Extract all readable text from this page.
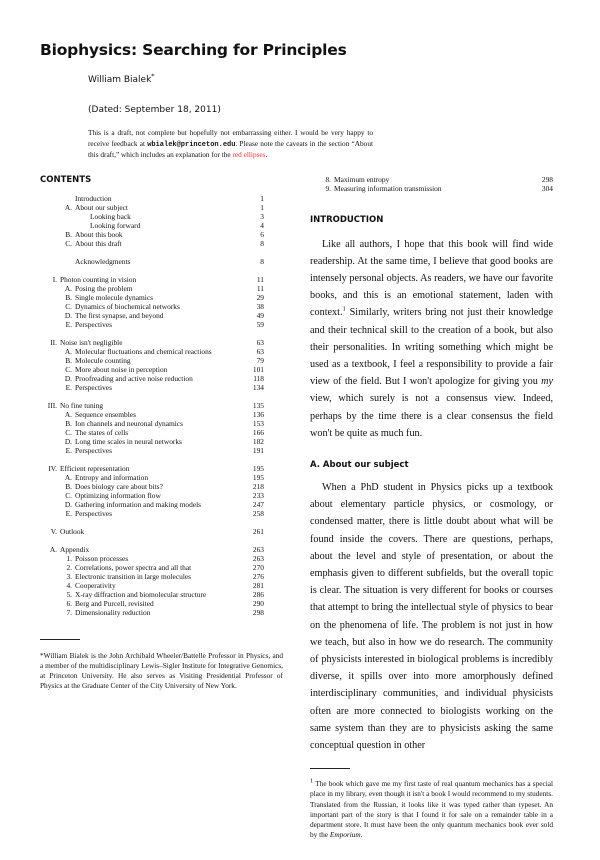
Biophysics: Searching for Principles
William Bialek*
(Dated: September 18, 2011)
This is a draft, not complete but hopefully not embarrassing either. I would be very happy to receive feedback at wbialek@princeton.edu. Please note the caveats in the section “About this draft,” which includes an explanation for the red ellipses.
CONTENTS
Introduction	1
A. About our subject	1
Looking back	3
Looking forward	4
B. About this book	6
C. About this draft	8
Acknowledgments	8
I. Photon counting in vision	11
A. Posing the problem	11
B. Single molecule dynamics	29
C. Dynamics of biochemical networks	38
D. The first synapse, and beyond	49
E. Perspectives	59
II. Noise isn't negligible	63
A. Molecular fluctuations and chemical reactions	63
B. Molecule counting	79
C. More about noise in perception	101
D. Proofreading and active noise reduction	118
E. Perspectives	134
III. No fine tuning	135
A. Sequence ensembles	136
B. Ion channels and neuronal dynamics	153
C. The states of cells	166
D. Long time scales in neural networks	182
E. Perspectives	191
IV. Efficient representation	195
A. Entropy and information	195
B. Does biology care about bits?	218
C. Optimizing information flow	233
D. Gathering information and making models	247
E. Perspectives	258
V. Outlook	261
A. Appendix	263
1. Poisson processes	263
2. Correlations, power spectra and all that	270
3. Electronic transition in large molecules	276
4. Cooperativity	281
5. X-ray diffraction and biomolecular structure	286
6. Berg and Purcell, revisited	290
7. Dimensionality reduction	298
*William Bialek is the John Archibald Wheeler/Battelle Professor in Physics, and a member of the multidisciplinary Lewis–Sigler Institute for Integrative Genomics, at Princeton University. He also serves as Visiting Presidential Professor of Physics at the Graduate Center of the City University of New York.
8. Maximum entropy	298
9. Measuring information transmission	304
INTRODUCTION

Like all authors, I hope that this book will find wide readership. At the same time, I believe that good books are intensely personal objects. As readers, we have our favorite books, and this is an emotional statement, laden with context.$^1$ Similarly, writers bring not just their knowledge and their technical skill to the creation of a book, but also their personalities. In writing something which might be used as a textbook, I feel a responsibility to provide a fair view of the field. But I won't apologize for giving you my view, which surely is not a consensus view. Indeed, perhaps by the time there is a clear consensus the field won't be quite as much fun.

A. About our subject

When a PhD student in Physics picks up a textbook about elementary particle physics, or cosmology, or condensed matter, there is little doubt about what will be found inside the covers. There are questions, perhaps, about the level and style of presentation, or about the emphasis given to different subfields, but the overall topic is clear. The situation is very different for books or courses that attempt to bring the intellectual style of physics to bear on the phenomena of life. The problem is not just in how we teach, but also in how we do research. The community of physicists interested in biological problems is incredibly diverse, it spills over into more amorphously defined interdisciplinary communities, and individual physicists often are more connected to biologists working on the same system than they are to physicists asking the same conceptual question in other

$^1$ The book which gave me my first taste of real quantum mechanics has a special place in my library, even though it isn't a book I would recommend to my students. Translated from the Russian, it looks like it was typed rather than typeset. An important part of the story is that I found it for sale on a remainder table in a department store. It must have been the only quantum mechanics book ever sold by the Emporium.
